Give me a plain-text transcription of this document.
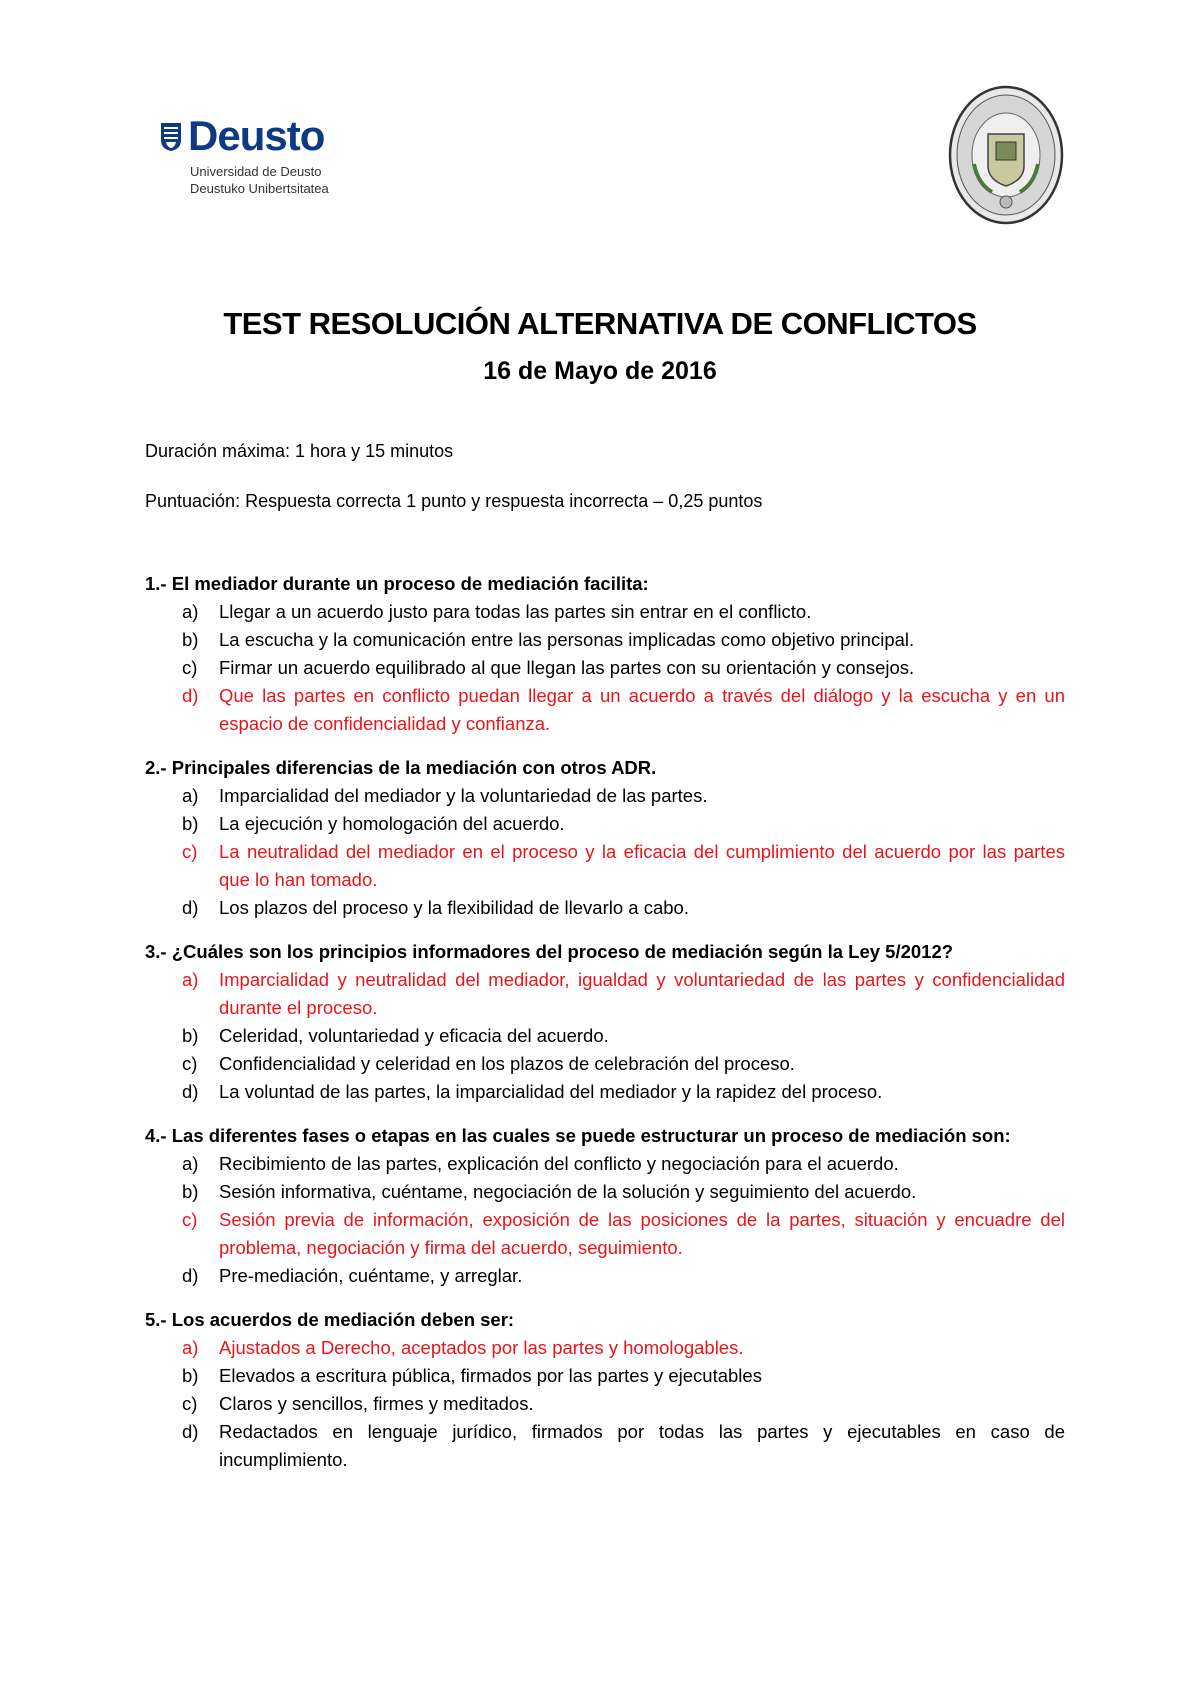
Deusto
Universidad de Deusto
Deustuko Unibertsitatea
TEST RESOLUCIÓN ALTERNATIVA DE CONFLICTOS
16 de Mayo de 2016
Duración máxima: 1 hora y 15 minutos
Puntuación: Respuesta correcta 1 punto y respuesta incorrecta – 0,25 puntos
1.- El mediador durante un proceso de mediación facilita:
a) Llegar a un acuerdo justo para todas las partes sin entrar en el conflicto.
b) La escucha y la comunicación entre las personas implicadas como objetivo principal.
c) Firmar un acuerdo equilibrado al que llegan las partes con su orientación y consejos.
d) Que las partes en conflicto puedan llegar a un acuerdo a través del diálogo y la escucha y en un espacio de confidencialidad y confianza.
2.- Principales diferencias de la mediación con otros ADR.
a) Imparcialidad del mediador y la voluntariedad de las partes.
b) La ejecución y homologación del acuerdo.
c) La neutralidad del mediador en el proceso y la eficacia del cumplimiento del acuerdo por las partes que lo han tomado.
d) Los plazos del proceso y la flexibilidad de llevarlo a cabo.
3.- ¿Cuáles son los principios informadores del proceso de mediación según la Ley 5/2012?
a) Imparcialidad y neutralidad del mediador, igualdad y voluntariedad de las partes y confidencialidad durante el proceso.
b) Celeridad, voluntariedad y eficacia del acuerdo.
c) Confidencialidad y celeridad en los plazos de celebración del proceso.
d) La voluntad de las partes, la imparcialidad del mediador y la rapidez del proceso.
4.- Las diferentes fases o etapas en las cuales se puede estructurar un proceso de mediación son:
a) Recibimiento de las partes, explicación del conflicto y negociación para el acuerdo.
b) Sesión informativa, cuéntame, negociación de la solución y seguimiento del acuerdo.
c) Sesión previa de información, exposición de las posiciones de la partes, situación y encuadre del problema, negociación y firma del acuerdo, seguimiento.
d) Pre-mediación, cuéntame, y arreglar.
5.- Los acuerdos de mediación deben ser:
a) Ajustados a Derecho, aceptados por las partes y homologables.
b) Elevados a escritura pública, firmados por las partes y ejecutables
c) Claros y sencillos, firmes y meditados.
d) Redactados en lenguaje jurídico, firmados por todas las partes y ejecutables en caso de incumplimiento.
